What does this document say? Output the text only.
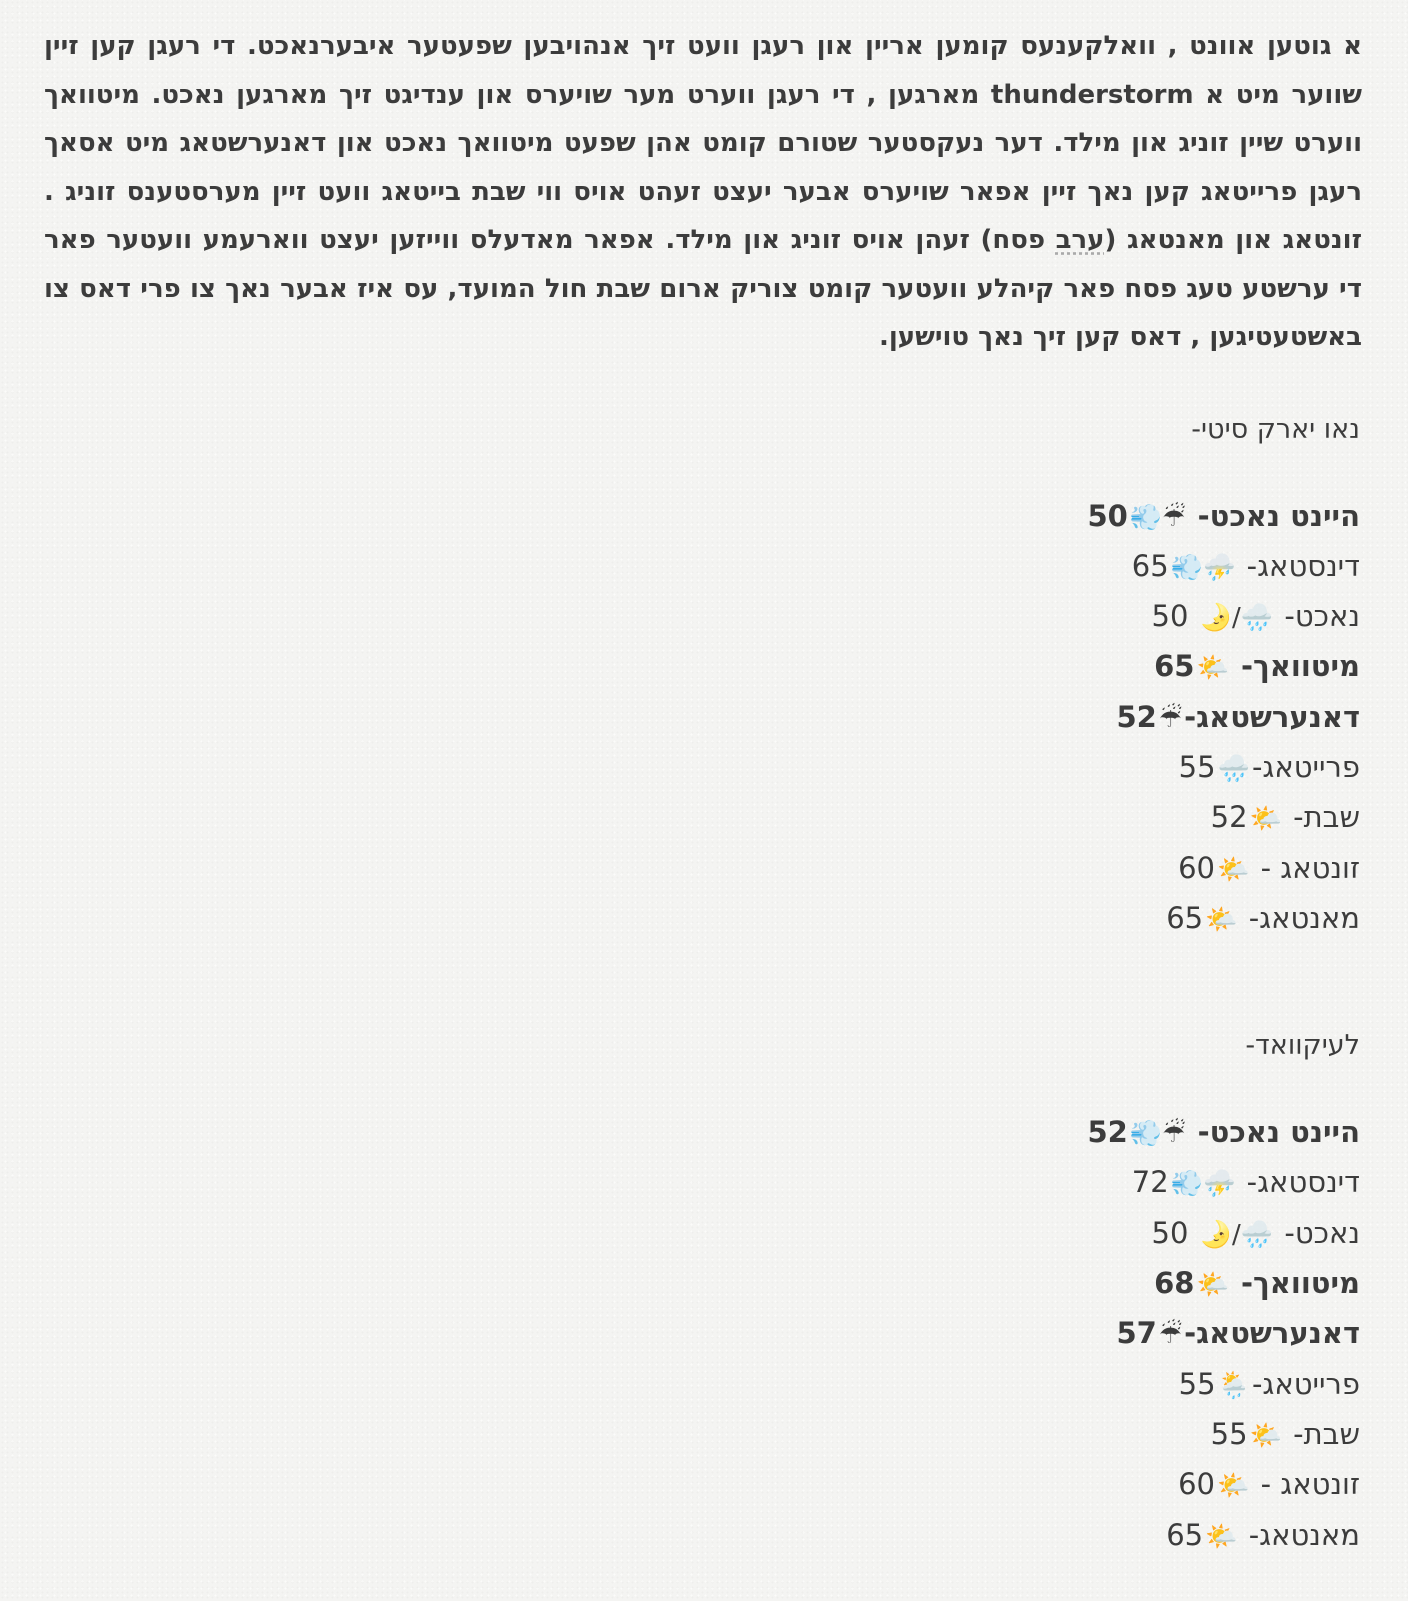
א גוטען אוונט , וואלקענעס קומען אריין און רעגן וועט זיך אנהויבען שפעטער איבערנאכט. די רעגן קען זיין שווער מיט א thunderstorm מארגען , די רעגן ווערט מער שויערס און ענדיגט זיך מארגען נאכט. מיטוואך ווערט שיין זוניג און מילד. דער נעקסטער שטורם קומט אהן שפעט מיטוואך נאכט און דאנערשטאג מיט אסאך רעגן פרייטאג קען נאך זיין אפאר שויערס אבער יעצט זעהט אויס ווי שבת בייטאג וועט זיין מערסטענס זוניג . זונטאג און מאנטאג (ערב פסח) זעהן אויס זוניג און מילד. אפאר מאדעלס ווייזען יעצט ווארעמע וועטער פאר די ערשטע טעג פסח פאר קיהלע וועטער קומט צוריק ארום שבת חול המועד, עס איז אבער נאך צו פרי דאס צו באשטעטיגען , דאס קען זיך נאך טוישען.

נאו יארק סיטי-
היינט נאכט- ☔💨50
דינסטאג- ⛈️💨65
נאכט- 🌧️/🌛 50
מיטוואך- 🌤️65
דאנערשטאג-☔52
פרייטאג-🌧️55
שבת- 🌤️52
זונטאג - 🌤️60
מאנטאג- 🌤️65
לעיקוואד-
היינט נאכט- ☔💨52
דינסטאג- ⛈️💨72
נאכט- 🌧️/🌛 50
מיטוואך- 🌤️68
דאנערשטאג-☔57
פרייטאג-🌦️55
שבת- 🌤️55
זונטאג - 🌤️60
מאנטאג- 🌤️65
